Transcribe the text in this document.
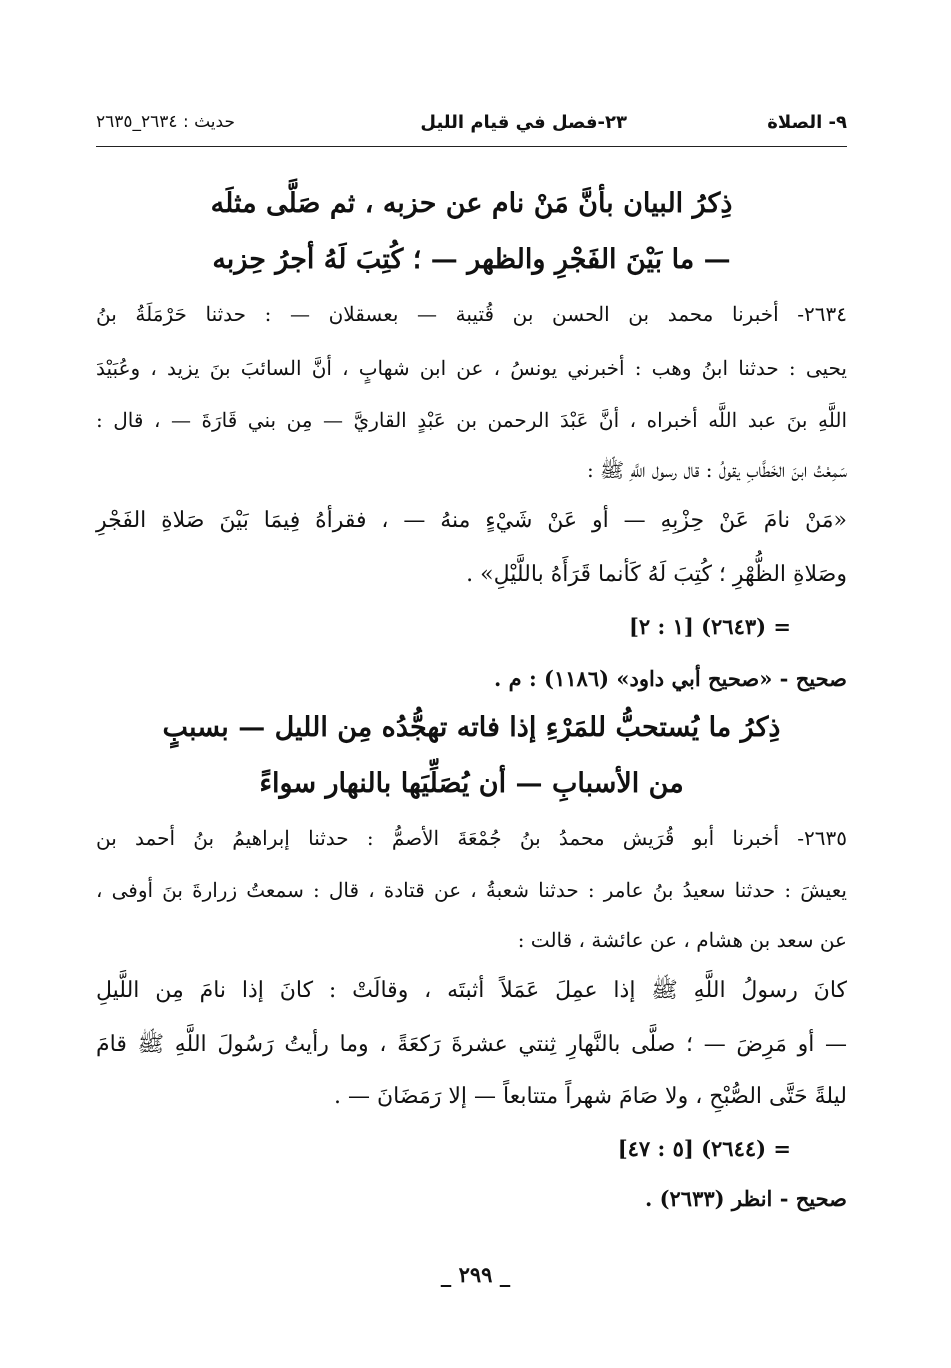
٩- الصلاة
٢٣-فصل في قيام الليل
حديث : ٢٦٣٤_٢٦٣٥
ذِكرُ البيان بأنَّ مَنْ نام عن حزبه ، ثم صَلَّى مثلَه
— ما بَيْنَ الفَجْرِ والظهر — ؛ كُتِبَ لَهُ أجرُ حِزبه
٢٦٣٤- أخبرنا محمد بن الحسن بن قُتيبة — بعسقلان — : حدثنا حَرْمَلَةُ بنُ
يحيى : حدثنا ابنُ وهب : أخبرني يونسُ ، عن ابن شهابٍ ، أنَّ السائبَ بنَ يزيد ، وعُبَيْدَ
اللَّهِ بنَ عبد اللَّه أخبراه ، أنَّ عَبْدَ الرحمن بن عَبْدٍ القاريَّ — مِن بني قَارَةَ — ، قال :
سَمِعْتُ ابنَ الخَطَّابِ يقولُ : قال رسول اللَّهِ ﷺ :
«مَنْ نامَ عَنْ حِزْبِهِ — أو عَنْ شَيْءٍ منهُ — ، فقرأهُ فِيمَا بَيْنَ صَلاةِ الفَجْرِ
وصَلاةِ الظُّهْرِ ؛ كُتِبَ لَهُ كَأنما قَرَأَهُ باللَّيْلِ» .
= (٢٦٤٣) [١ : ٢]
صحيح - «صحيح أبي داود» (١١٨٦) : م .
ذِكرُ ما يُستحبُّ للمَرْءِ إذا فاته تهجُّدُه مِن الليل — بسببٍ
من الأسبابِ — أن يُصَلِّيَها بالنهار سواءً
٢٦٣٥- أخبرنا أبو قُرَيش محمدُ بنُ جُمْعَةَ الأصمُّ : حدثنا إبراهيمُ بنُ أحمد بن
يعيشَ : حدثنا سعيدُ بنُ عامر : حدثنا شعبةُ ، عن قتادة ، قال : سمعتُ زرارةَ بنَ أوفى ،
عن سعد بن هشام ، عن عائشة ، قالت :
كانَ رسولُ اللَّهِ ﷺ إذا عمِلَ عَمَلاً أثبتَه ، وقالَتْ : كانَ إذا نامَ مِن اللَّيلِ
— أو مَرِضَ — ؛ صلَّى بالنَّهارِ ثِنتي عشرةَ رَكعَةً ، وما رأيتُ رَسُولَ اللَّهِ ﷺ قامَ
ليلةً حَتَّى الصُّبْحِ ، ولا صَامَ شهراً متتابعاً — إلا رَمَضَانَ — .
= (٢٦٤٤) [٥ : ٤٧]
صحيح - انظر (٢٦٣٣) .
_ ٢٩٩ _
